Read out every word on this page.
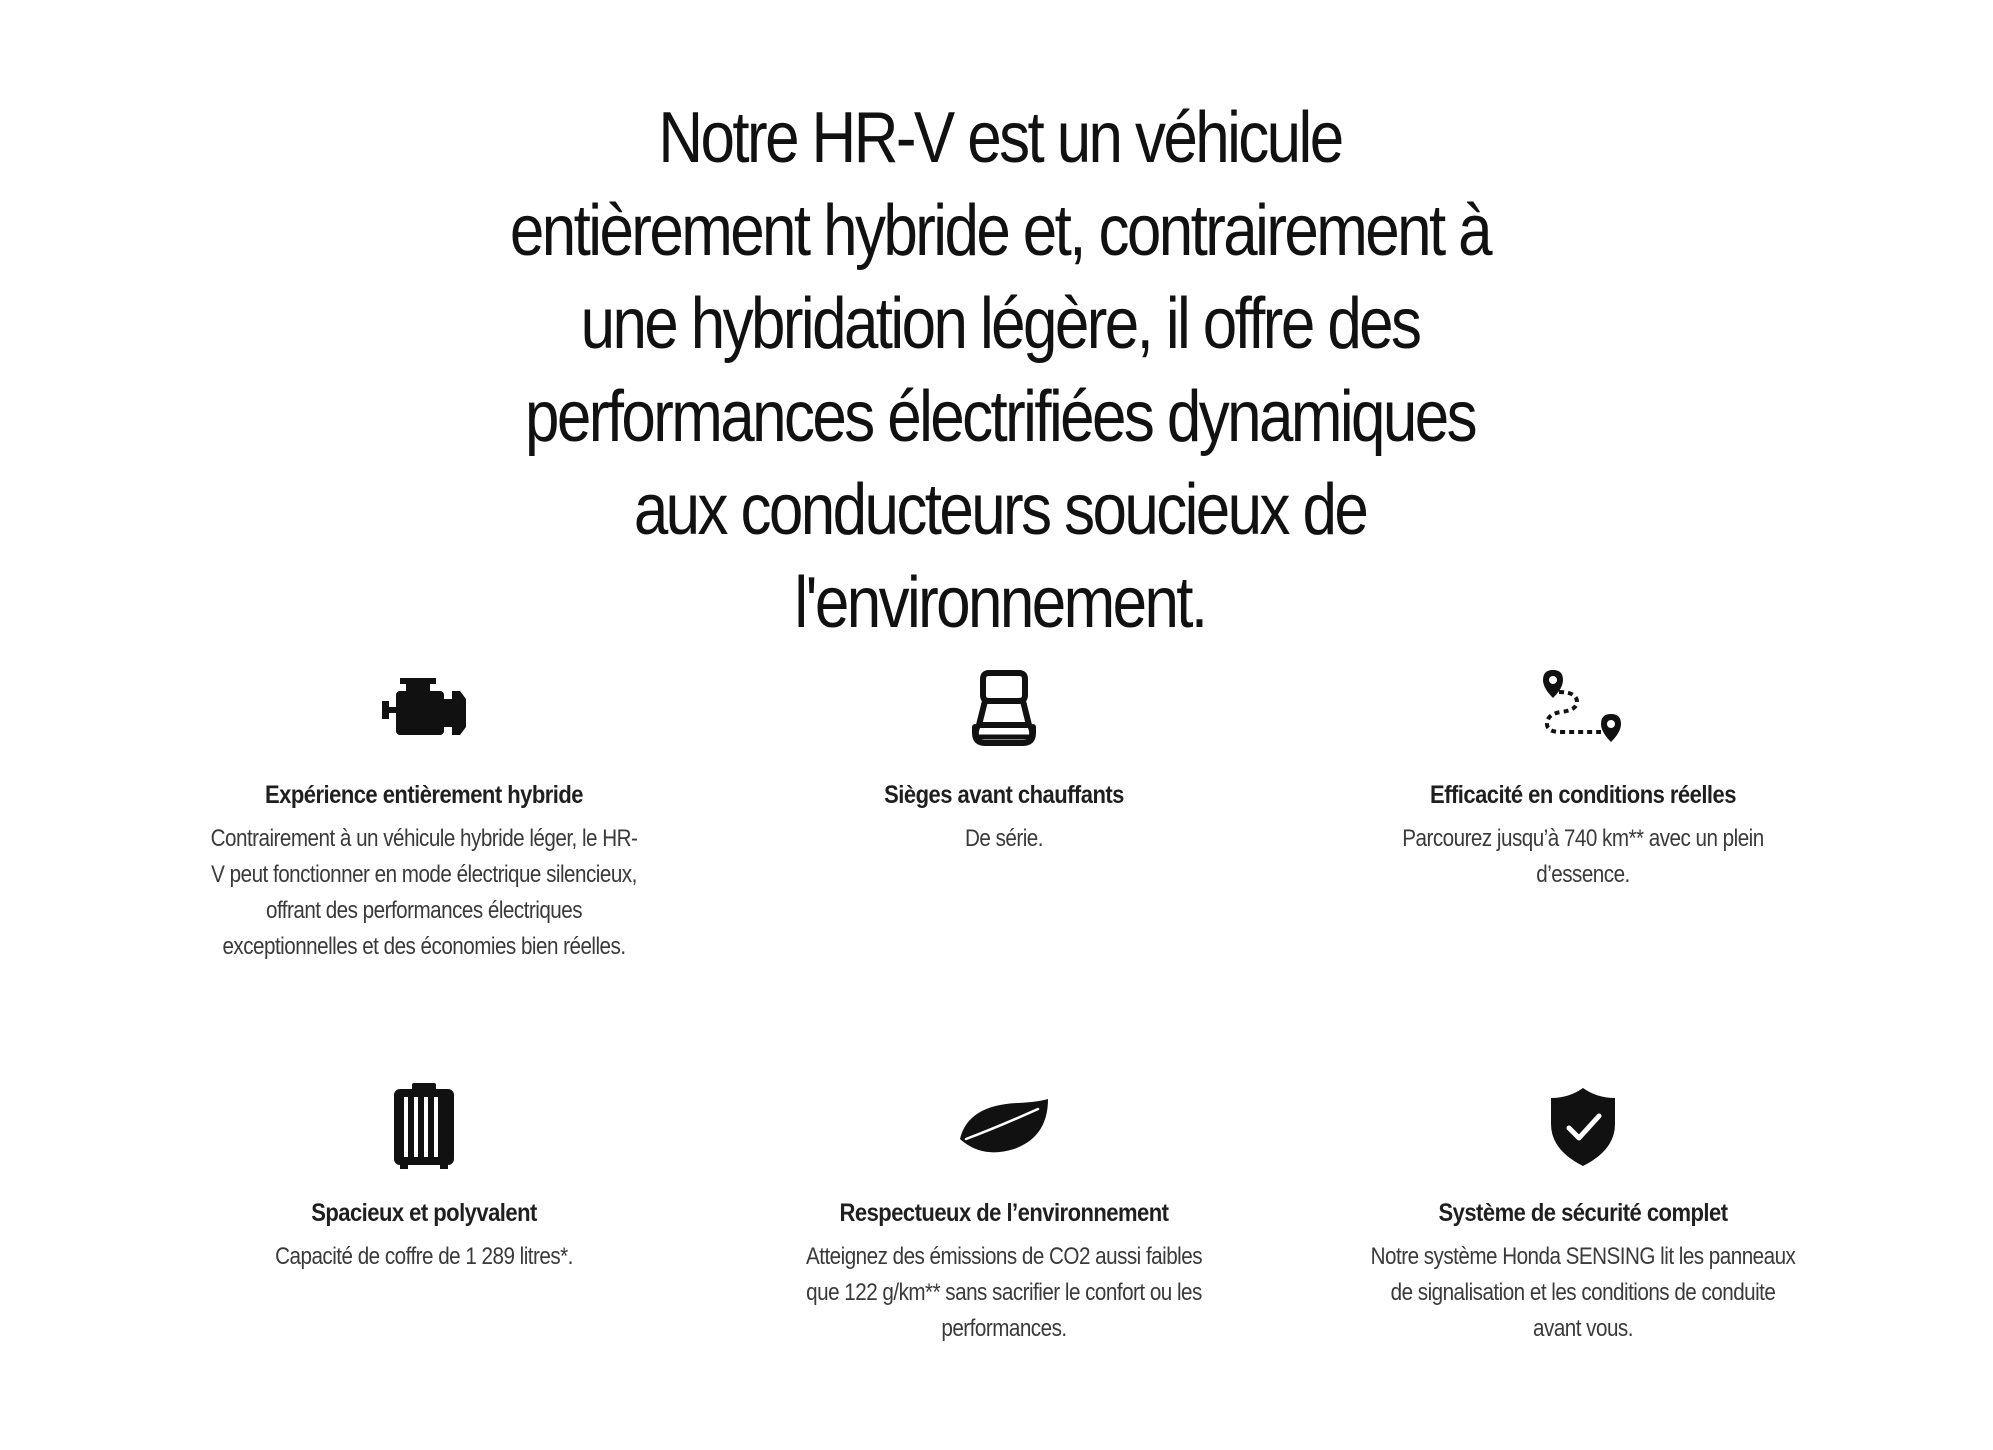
Notre HR-V est un véhicule entièrement hybride et, contrairement à une hybridation légère, il offre des performances électrifiées dynamiques aux conducteurs soucieux de l'environnement.
Expérience entièrement hybride
Contrairement à un véhicule hybride léger, le HR-V peut fonctionner en mode électrique silencieux, offrant des performances électriques exceptionnelles et des économies bien réelles.
Sièges avant chauffants
De série.
Efficacité en conditions réelles
Parcourez jusqu’à 740 km** avec un plein d’essence.
Spacieux et polyvalent
Capacité de coffre de 1 289 litres*.
Respectueux de l’environnement
Atteignez des émissions de CO2 aussi faibles que 122 g/km** sans sacrifier le confort ou les performances.
Système de sécurité complet
Notre système Honda SENSING lit les panneaux de signalisation et les conditions de conduite avant vous.
